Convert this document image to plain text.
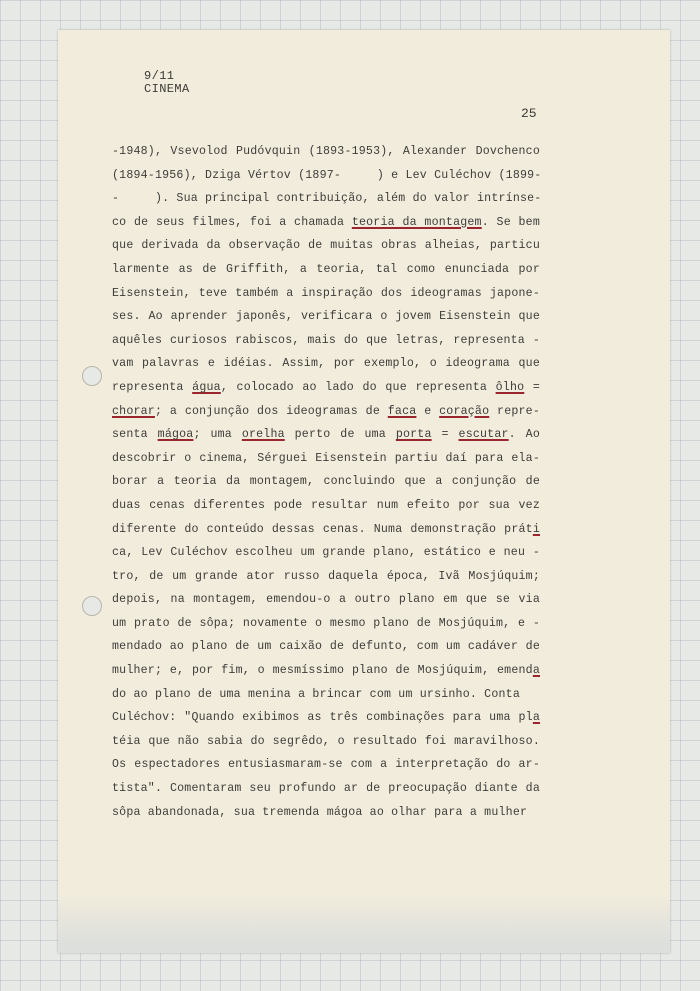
9/11
CINEMA
25
-1948), Vsevolod Pudóvquin (1893-1953), Alexander Dovchenco
(1894-1956), Dziga Vértov (1897-     ) e Lev Culéchov (1899-
-     ). Sua principal contribuição, além do valor intrínse-
co de seus filmes, foi a chamada teoria da montagem. Se bem
que derivada da observação de muitas obras alheias, particu
larmente as de Griffith, a teoria, tal como enunciada por
Eisenstein, teve também a inspiração dos ideogramas japone-
ses. Ao aprender japonês, verificara o jovem Eisenstein que
aquêles curiosos rabiscos, mais do que letras, representa -
vam palavras e idéias. Assim, por exemplo, o ideograma que
representa água, colocado ao lado do que representa ôlho =
chorar; a conjunção dos ideogramas de faca e coração repre-
senta mágoa; uma orelha perto de uma porta = escutar. Ao
descobrir o cinema, Sérguei Eisenstein partiu daí para ela-
borar a teoria da montagem, concluindo que a conjunção de
duas cenas diferentes pode resultar num efeito por sua vez
diferente do conteúdo dessas cenas. Numa demonstração práti
ca, Lev Culéchov escolheu um grande plano, estático e neu -
tro, de um grande ator russo daquela época, Ivã Mosjúquim;
depois, na montagem, emendou-o a outro plano em que se via
um prato de sôpa; novamente o mesmo plano de Mosjúquim, e -
mendado ao plano de um caixão de defunto, com um cadáver de
mulher; e, por fim, o mesmíssimo plano de Mosjúquim, emenda
do ao plano de uma menina a brincar com um ursinho. Conta
Culéchov: "Quando exibimos as três combinações para uma pla
téia que não sabia do segrêdo, o resultado foi maravilhoso.
Os espectadores entusiasmaram-se com a interpretação do ar-
tista". Comentaram seu profundo ar de preocupação diante da
sôpa abandonada, sua tremenda mágoa ao olhar para a mulher
